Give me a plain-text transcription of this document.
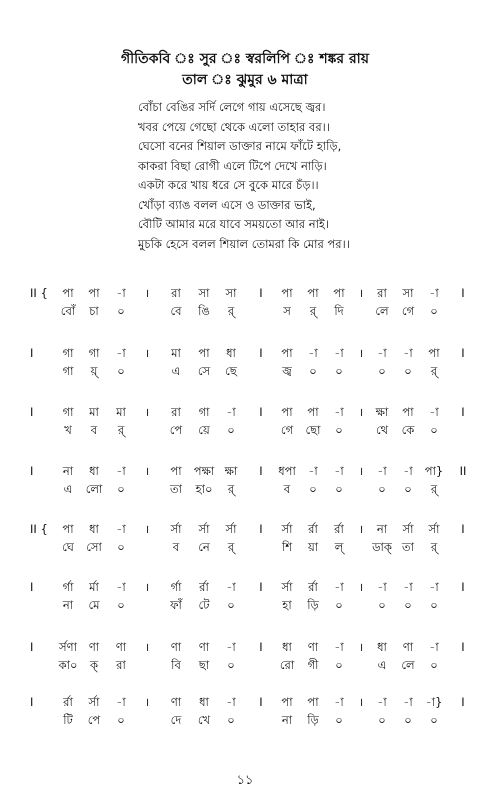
গীতিকবি ঃ সুর ঃ স্বরলিপি ঃ শঙ্কর রায়
তাল ঃ ঝুমুর ৬ মাত্রা
বোঁচা বেঙির সর্দি লেগে গায় এসেছে জ্বর।
খবর পেয়ে গেছো থেকে এলো তাহার বর।।
ঘেসো বনের শিয়াল ডাক্তার নামে ফাঁটে হাড়ি,
কাকরা বিছা রোগী এলে টিপে দেখে নাড়ি।
একটা করে খায় ধরে সে বুকে মারে চঁড়।।
খোঁড়া ব্যাঙ বলল এসে ও ডাক্তার ভাই,
বৌটি আমার মরে যাবে সময়তো আর নাই।
মুচকি হেসে বলল শিয়াল তোমরা কি মোর পর।।
II { পা পা -া । রা সা সা I পা পা পা । রা সা -া I
বোঁ চা ০	বে ঙি র্	স র্ দি	লে গে ০
I	গা গা -া । মা পা ধা I পা -া -া । -া -া পা I
গা য়্ ০	এ সে ছে	জ্ব ০ ০	০ ০ র্
I	গা মা মা । রা গা -া I পা পা -া । ক্ষা পা -া I
খ ব র্	পে য়ে ০	গে ছো ০	থে কে ০
I	না ধা -া । পা পক্ষা ক্ষা I ধপা -া -া । -া -া পা} II
এ লো ০	তা হা০ র্	ব ০ ০	০ ০ র্
II { পা ধা -া । র্সা র্সা র্সা I র্সা র্রা র্রা । না র্সা র্সা I
ঘে সো ০	ব নে র্	শি য়া ল্	ডাক্ তা র্
I	র্গা র্মা -া । র্গা র্রা -া I র্সা র্রা -া । -া -া -া I
না মে ০	ফাঁ টে ০	হা ড়ি ০	০ ০ ০
I র্সণা ণা ণা । ণা ণা -া I ধা ণা -া । ধা ণা -া I
কা০ ক্ রা	বি ছা ০	রো গী ০	এ লে ০
I	র্রা র্সা -া । ণা ধা -া I পা পা -া । -া -া -া} I
টি পে ০	দে খে ০	না ড়ি ০	০ ০ ০
১১
